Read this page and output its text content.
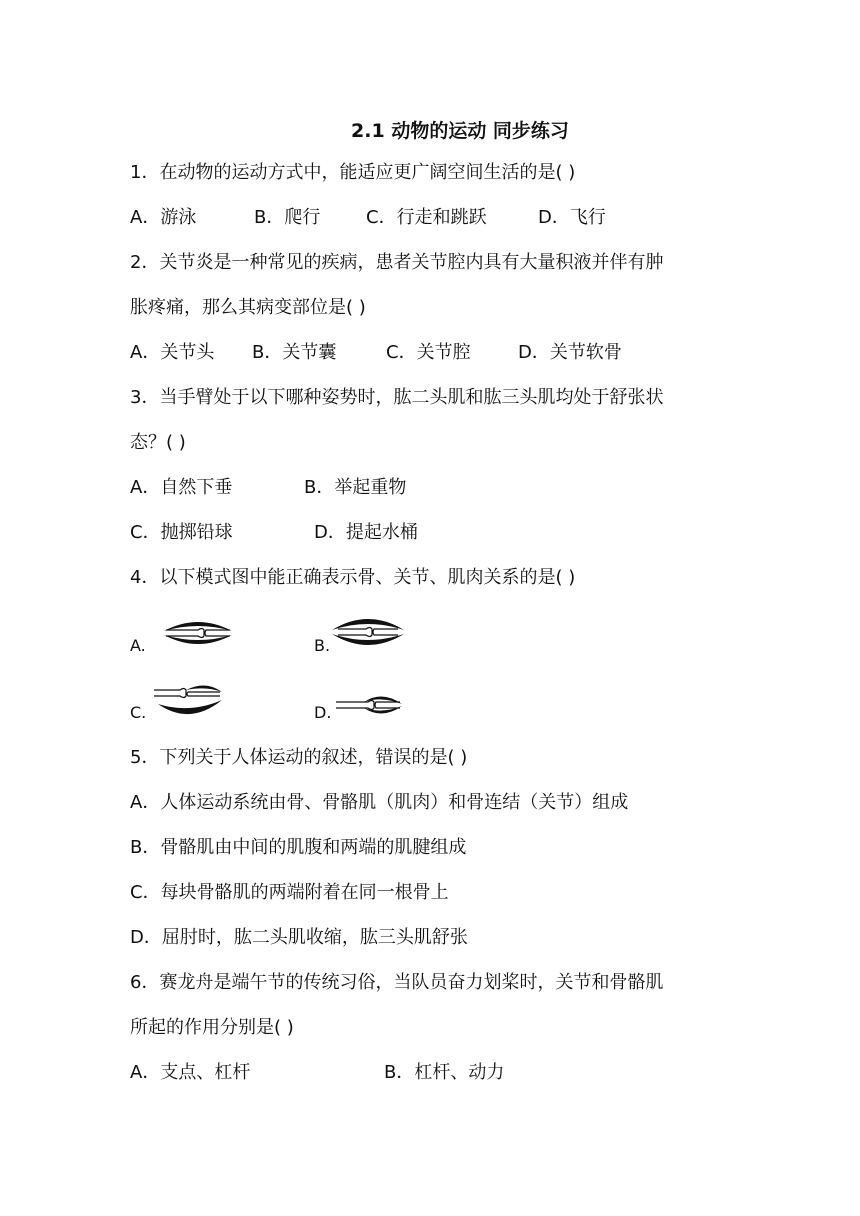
2.1 动物的运动 同步练习
1．在动物的运动方式中，能适应更广阔空间生活的是( )
A．游泳	B．爬行	C．行走和跳跃	D．飞行
2．关节炎是一种常见的疾病，患者关节腔内具有大量积液并伴有肿
胀疼痛，那么其病变部位是( )
A．关节头 B．关节囊	C．关节腔	D．关节软骨
3．当手臂处于以下哪种姿势时，肱二头肌和肱三头肌均处于舒张状
态？( )
A．自然下垂	B．举起重物
C．抛掷铅球	D．提起水桶
4．以下模式图中能正确表示骨、关节、肌肉关系的是( )
A.	B.
C.	D.
5．下列关于人体运动的叙述，错误的是( )
A．人体运动系统由骨、骨骼肌（肌肉）和骨连结（关节）组成
B．骨骼肌由中间的肌腹和两端的肌腱组成
C．每块骨骼肌的两端附着在同一根骨上
D．屈肘时，肱二头肌收缩，肱三头肌舒张
6．赛龙舟是端午节的传统习俗，当队员奋力划桨时，关节和骨骼肌
所起的作用分别是( )
A．支点、杠杆	B．杠杆、动力
